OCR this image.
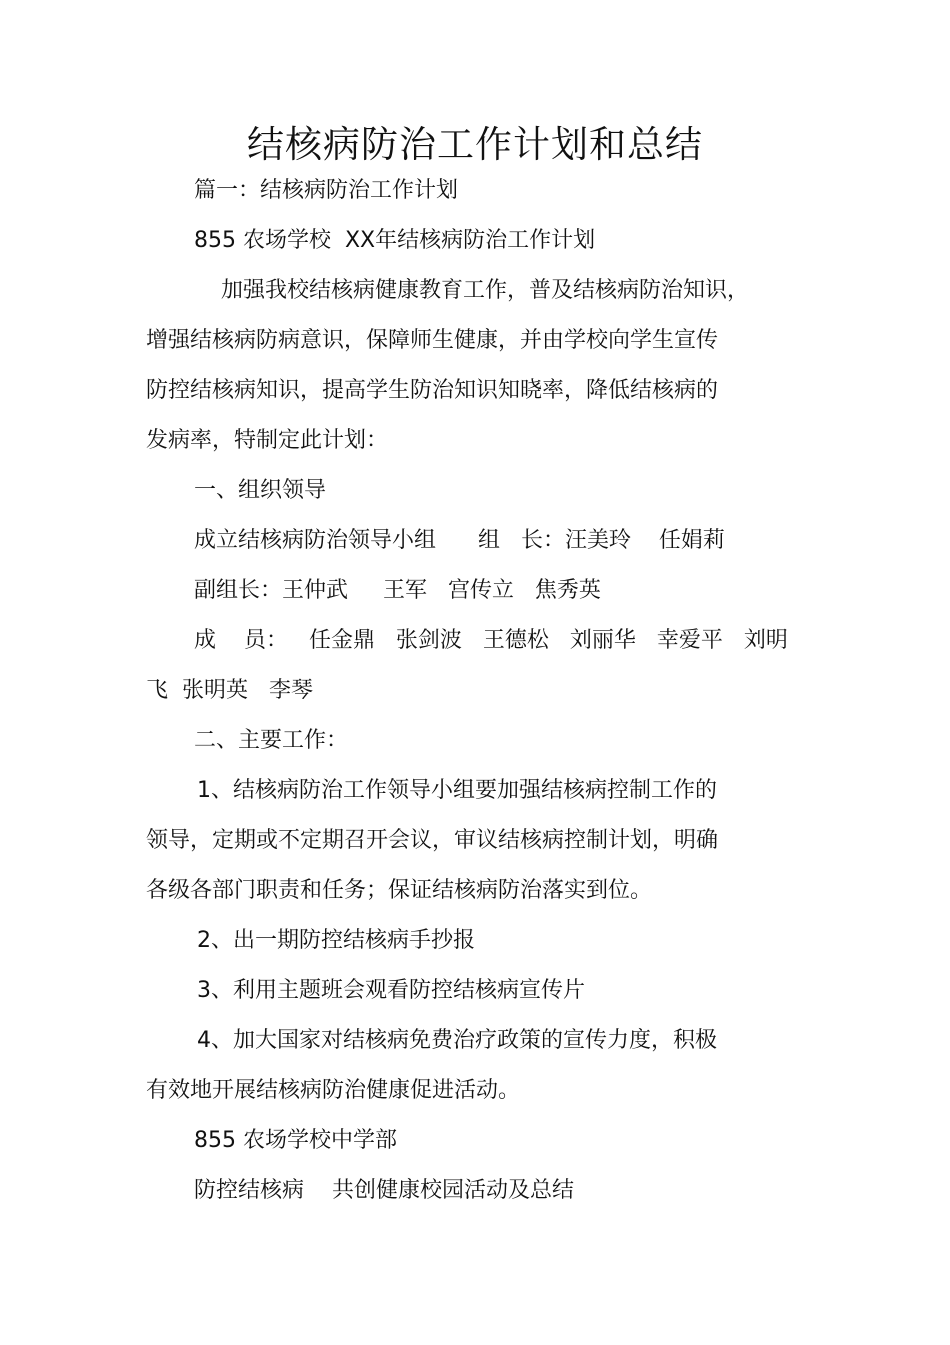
结核病防治工作计划和总结
篇一：结核病防治工作计划
855 农场学校  XX年结核病防治工作计划
加强我校结核病健康教育工作，普及结核病防治知识，
增强结核病防病意识，保障师生健康，并由学校向学生宣传
防控结核病知识，提高学生防治知识知晓率，降低结核病的
发病率，特制定此计划：
一、组织领导
成立结核病防治领导小组      组   长：汪美玲    任娟莉
副组长：王仲武     王军   宫传立   焦秀英
成    员：   任金鼎   张剑波   王德松   刘丽华   幸爱平   刘明
飞  张明英   李琴
二、主要工作：
1、结核病防治工作领导小组要加强结核病控制工作的
领导，定期或不定期召开会议，审议结核病控制计划，明确
各级各部门职责和任务；保证结核病防治落实到位。
2、出一期防控结核病手抄报
3、利用主题班会观看防控结核病宣传片
4、加大国家对结核病免费治疗政策的宣传力度，积极
有效地开展结核病防治健康促进活动。
855 农场学校中学部
防控结核病    共创健康校园活动及总结
